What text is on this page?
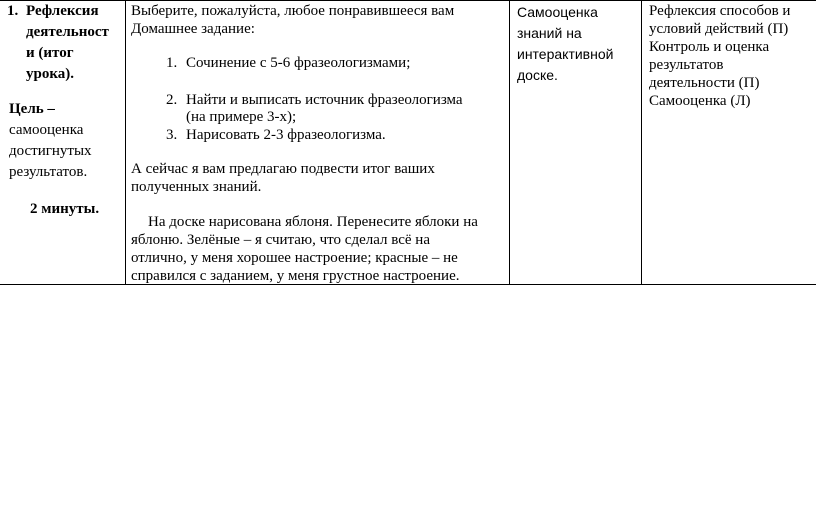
1. Рефлексия
деятельност
и (итог
урока).
Цель –
самооценка
достигнутых
результатов.
2 минуты.
Выберите, пожалуйста, любое понравившееся вам
Домашнее задание:
1. Сочинение с 5-6 фразеологизмами;
2. Найти и выписать источник фразеологизма
(на примере 3-х);
3. Нарисовать 2-3 фразеологизма.
А сейчас я вам предлагаю подвести итог ваших
полученных знаний.
На доске нарисована яблоня. Перенесите яблоки на
яблоню. Зелёные – я считаю, что сделал всё на
отлично, у меня хорошее настроение; красные – не
справился с заданием, у меня грустное настроение.
Самооценка
знаний на
интерактивной
доске.
Рефлексия способов и
условий действий (П)
Контроль и оценка
результатов
деятельности (П)
Самооценка (Л)
